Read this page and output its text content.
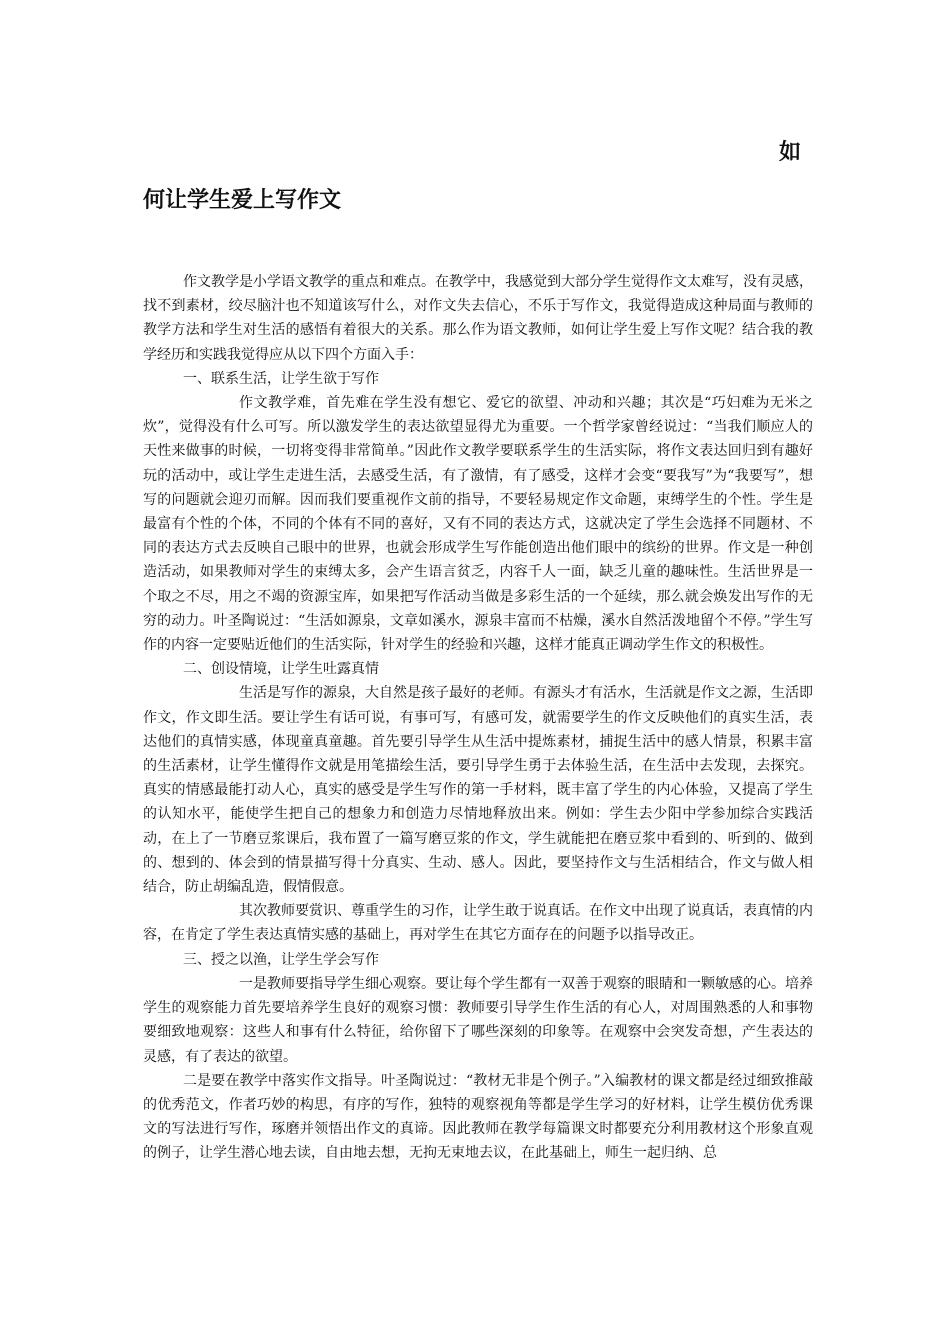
如
何让学生爱上写作文

作文教学是小学语文教学的重点和难点。在教学中，我感觉到大部分学生觉得作文太难写，没有灵感，找不到素材，绞尽脑汁也不知道该写什么，对作文失去信心，不乐于写作文，我觉得造成这种局面与教师的教学方法和学生对生活的感悟有着很大的关系。那么作为语文教师，如何让学生爱上写作文呢？结合我的教学经历和实践我觉得应从以下四个方面入手：

一、联系生活，让学生欲于写作

作文教学难，首先难在学生没有想它、爱它的欲望、冲动和兴趣；其次是“巧妇难为无米之炊”，觉得没有什么可写。所以激发学生的表达欲望显得尤为重要。一个哲学家曾经说过：“当我们顺应人的天性来做事的时候，一切将变得非常简单。”因此作文教学要联系学生的生活实际，将作文表达回归到有趣好玩的活动中，或让学生走进生活，去感受生活，有了激情，有了感受，这样才会变“要我写”为“我要写”，想写的问题就会迎刃而解。因而我们要重视作文前的指导，不要轻易规定作文命题，束缚学生的个性。学生是最富有个性的个体，不同的个体有不同的喜好，又有不同的表达方式，这就决定了学生会选择不同题材、不同的表达方式去反映自己眼中的世界，也就会形成学生写作能创造出他们眼中的缤纷的世界。作文是一种创造活动，如果教师对学生的束缚太多，会产生语言贫乏，内容千人一面，缺乏儿童的趣味性。生活世界是一个取之不尽，用之不竭的资源宝库，如果把写作活动当做是多彩生活的一个延续，那么就会焕发出写作的无穷的动力。叶圣陶说过：“生活如源泉，文章如溪水，源泉丰富而不枯燥，溪水自然活泼地留个不停。”学生写作的内容一定要贴近他们的生活实际，针对学生的经验和兴趣，这样才能真正调动学生作文的积极性。

二、创设情境，让学生吐露真情

生活是写作的源泉，大自然是孩子最好的老师。有源头才有活水，生活就是作文之源，生活即作文，作文即生活。要让学生有话可说，有事可写，有感可发，就需要学生的作文反映他们的真实生活，表达他们的真情实感，体现童真童趣。首先要引导学生从生活中提炼素材，捕捉生活中的感人情景，积累丰富的生活素材，让学生懂得作文就是用笔描绘生活，要引导学生勇于去体验生活，在生活中去发现，去探究。真实的情感最能打动人心，真实的感受是学生写作的第一手材料，既丰富了学生的内心体验，又提高了学生的认知水平，能使学生把自己的想象力和创造力尽情地释放出来。例如：学生去少阳中学参加综合实践活动，在上了一节磨豆浆课后，我布置了一篇写磨豆浆的作文，学生就能把在磨豆浆中看到的、听到的、做到的、想到的、体会到的情景描写得十分真实、生动、感人。因此，要坚持作文与生活相结合，作文与做人相结合，防止胡编乱造，假情假意。

其次教师要赏识、尊重学生的习作，让学生敢于说真话。在作文中出现了说真话，表真情的内容，在肯定了学生表达真情实感的基础上，再对学生在其它方面存在的问题予以指导改正。

三、授之以渔，让学生学会写作

一是教师要指导学生细心观察。要让每个学生都有一双善于观察的眼睛和一颗敏感的心。培养学生的观察能力首先要培养学生良好的观察习惯：教师要引导学生作生活的有心人，对周围熟悉的人和事物要细致地观察：这些人和事有什么特征，给你留下了哪些深刻的印象等。在观察中会突发奇想，产生表达的灵感，有了表达的欲望。

二是要在教学中落实作文指导。叶圣陶说过：“教材无非是个例子。”入编教材的课文都是经过细致推敲的优秀范文，作者巧妙的构思，有序的写作，独特的观察视角等都是学生学习的好材料，让学生模仿优秀课文的写法进行写作，琢磨并领悟出作文的真谛。因此教师在教学每篇课文时都要充分利用教材这个形象直观的例子，让学生潜心地去读，自由地去想，无拘无束地去议，在此基础上，师生一起归纳、总
